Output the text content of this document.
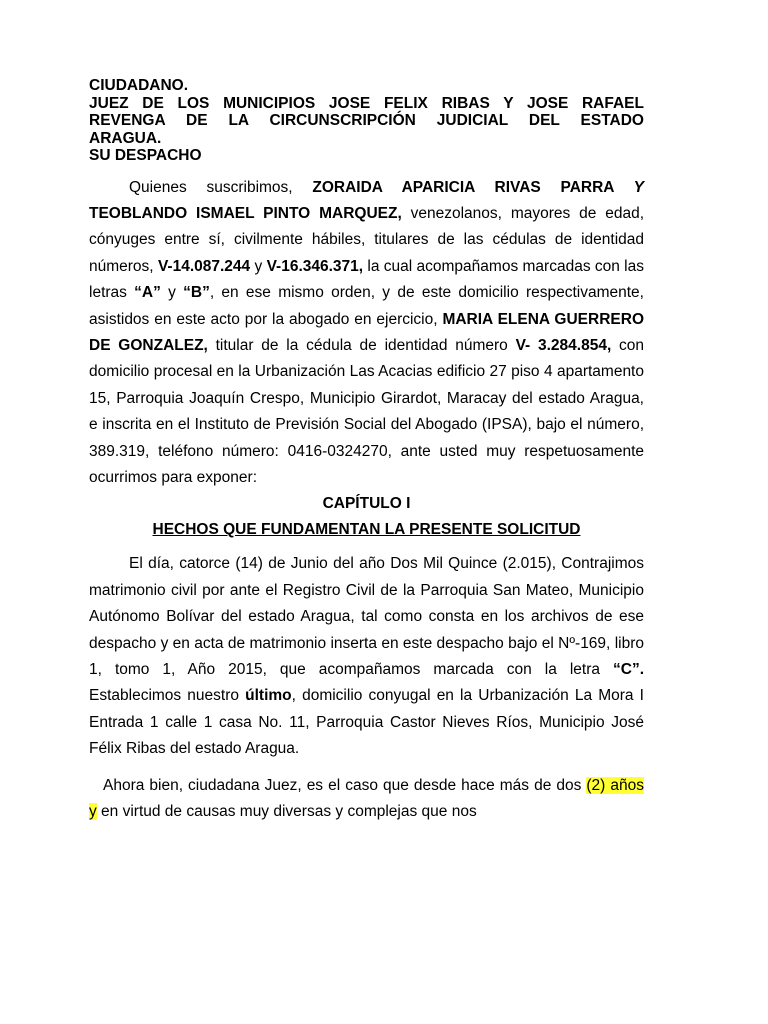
CIUDADANO.
JUEZ DE LOS MUNICIPIOS JOSE FELIX RIBAS Y JOSE RAFAEL
REVENGA DE LA CIRCUNSCRIPCIÓN JUDICIAL DEL ESTADO
ARAGUA.
SU DESPACHO

Quienes suscribimos, ZORAIDA APARICIA RIVAS PARRA Y TEOBLANDO ISMAEL PINTO MARQUEZ, venezolanos, mayores de edad, cónyuges entre sí, civilmente hábiles, titulares de las cédulas de identidad números, V-14.087.244 y V-16.346.371, la cual acompañamos marcadas con las letras “A” y “B”, en ese mismo orden, y de este domicilio respectivamente, asistidos en este acto por la abogado en ejercicio, MARIA ELENA GUERRERO DE GONZALEZ, titular de la cédula de identidad número V- 3.284.854, con domicilio procesal en la Urbanización Las Acacias edificio 27 piso 4 apartamento 15, Parroquia Joaquín Crespo, Municipio Girardot, Maracay del estado Aragua, e inscrita en el Instituto de Previsión Social del Abogado (IPSA), bajo el número, 389.319, teléfono número: 0416-0324270, ante usted muy respetuosamente ocurrimos para exponer:

CAPÍTULO I

HECHOS QUE FUNDAMENTAN LA PRESENTE SOLICITUD

El día, catorce (14) de Junio del año Dos Mil Quince (2.015), Contrajimos matrimonio civil por ante el Registro Civil de la Parroquia San Mateo, Municipio Autónomo Bolívar del estado Aragua, tal como consta en los archivos de ese despacho y en acta de matrimonio inserta en este despacho bajo el Nº-169, libro 1, tomo 1, Año 2015, que acompañamos marcada con la letra “C”. Establecimos nuestro último, domicilio conyugal en la Urbanización La Mora I Entrada 1 calle 1 casa No. 11, Parroquia Castor Nieves Ríos, Municipio José Félix Ribas del estado Aragua.

Ahora bien, ciudadana Juez, es el caso que desde hace más de dos (2) años y en virtud de causas muy diversas y complejas que nos
